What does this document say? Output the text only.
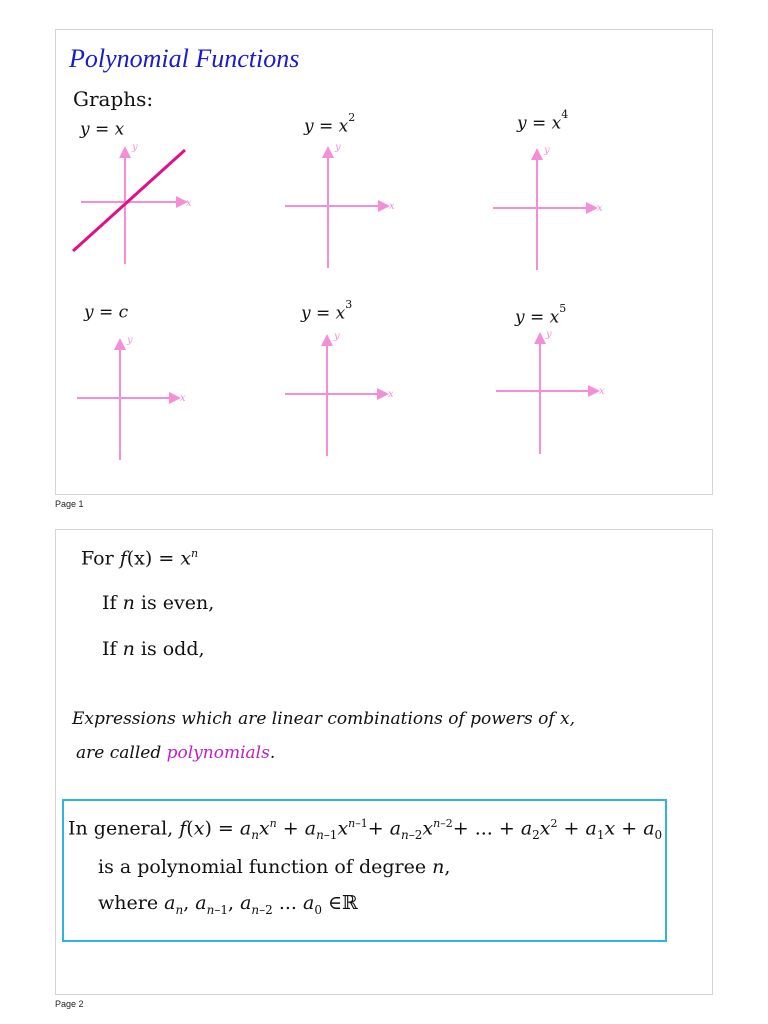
Polynomial Functions
Graphs:
y = x	$y = x^2$	$y = x^4$
y = c	$y = x^3$
$y = x^5$
x
y
x
y
x
y
x
y
x
y
x
y
Page 1
For $f(x) = x^n$
If n is even,
If n is odd,
Expressions which are linear combinations of powers of x,
are called polynomials.
In general, $f(x) = a_nx^n + a_{n-1}x^{n-1}+ a_{n-2}x^{n-2}+$ ... + $a_2x^2 + a_1x + a_0$
is a polynomial function of degree n,
where $a_n$, $a_{n-1}$, $a_{n-2}$ ... $a_0$ ∈ℝ
Page 2
